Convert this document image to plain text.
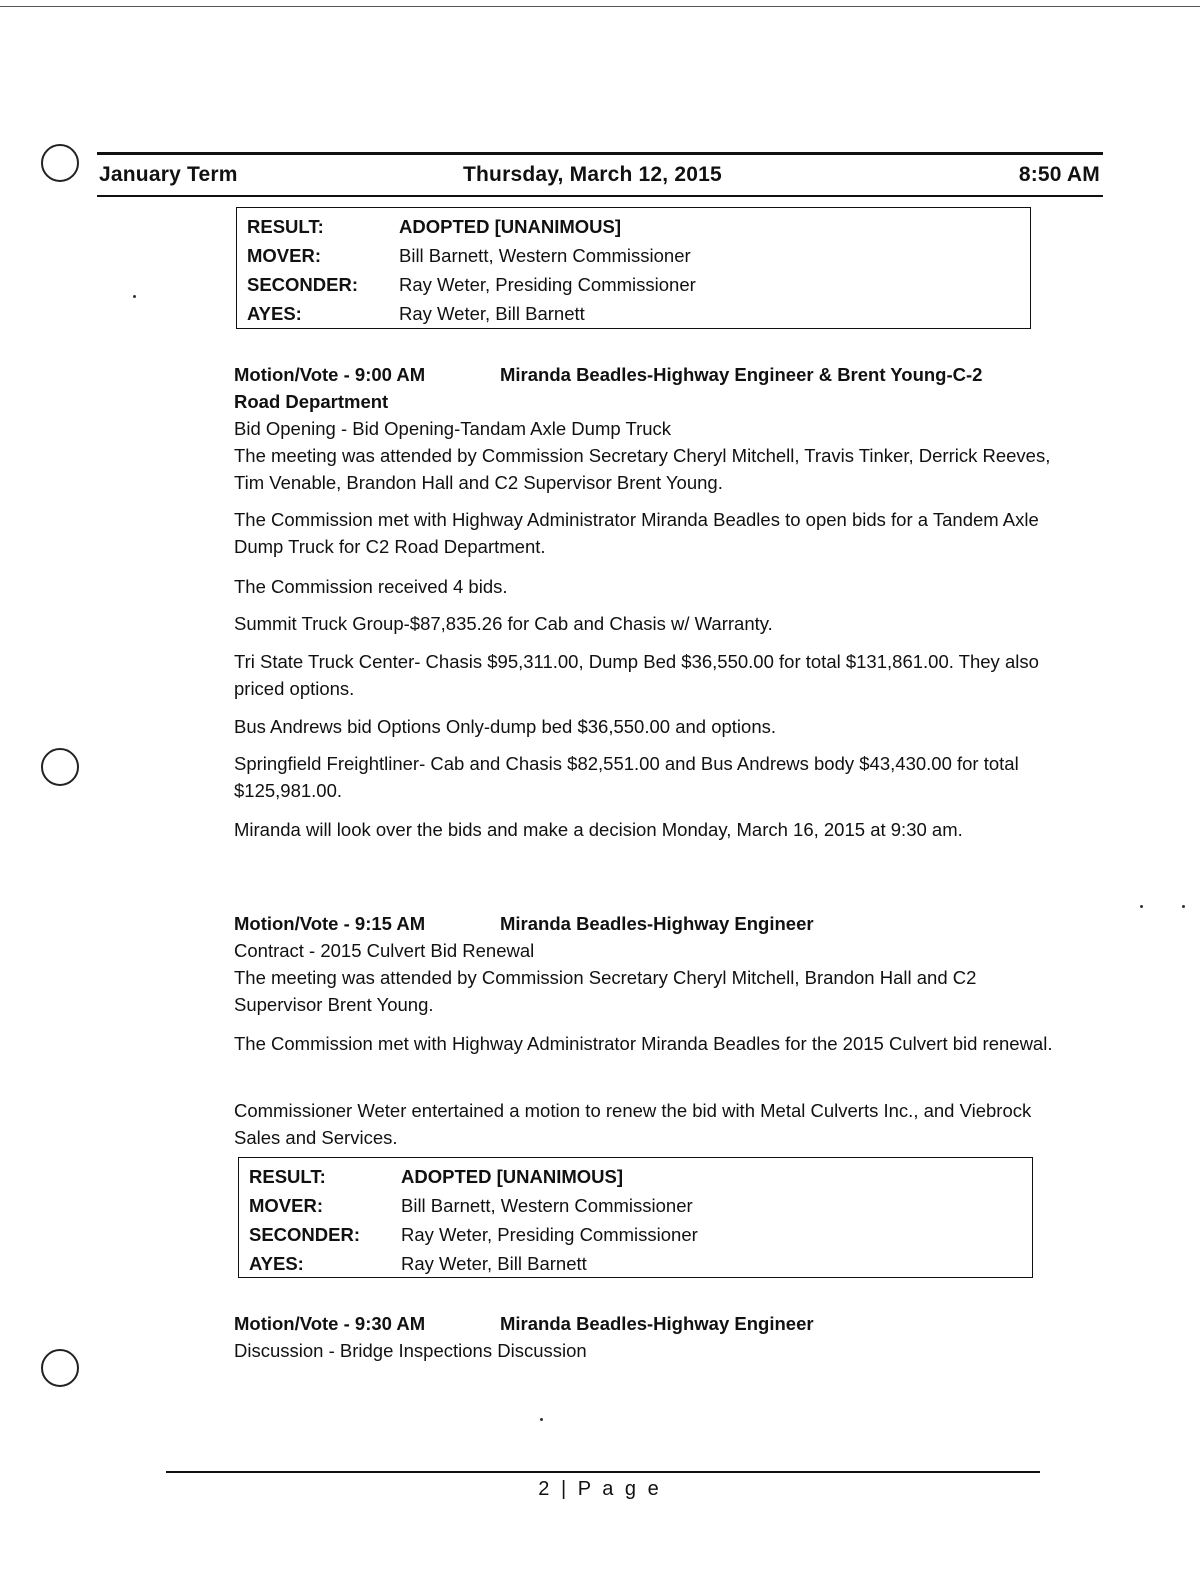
January Term	Thursday, March 12, 2015	8:50 AM
RESULT:	ADOPTED [UNANIMOUS]
MOVER:	Bill Barnett, Western Commissioner
SECONDER:	Ray Weter, Presiding Commissioner
AYES:	Ray Weter, Bill Barnett
Motion/Vote - 9:00 AM	Miranda Beadles-Highway Engineer & Brent Young-C-2
Road Department
Bid Opening - Bid Opening-Tandam Axle Dump Truck
The meeting was attended by Commission Secretary Cheryl Mitchell, Travis Tinker, Derrick Reeves, Tim Venable, Brandon Hall and C2 Supervisor Brent Young.
The Commission met with Highway Administrator Miranda Beadles to open bids for a Tandem Axle Dump Truck for C2 Road Department.
The Commission received 4 bids.
Summit Truck Group-$87,835.26 for Cab and Chasis w/ Warranty.
Tri State Truck Center- Chasis $95,311.00, Dump Bed $36,550.00 for total $131,861.00. They also priced options.
Bus Andrews bid Options Only-dump bed $36,550.00 and options.
Springfield Freightliner- Cab and Chasis $82,551.00 and Bus Andrews body $43,430.00 for total $125,981.00.
Miranda will look over the bids and make a decision Monday, March 16, 2015 at 9:30 am.
Motion/Vote - 9:15 AM	Miranda Beadles-Highway Engineer
Contract - 2015 Culvert Bid Renewal
The meeting was attended by Commission Secretary Cheryl Mitchell, Brandon Hall and C2 Supervisor Brent Young.
The Commission met with Highway Administrator Miranda Beadles for the 2015 Culvert bid renewal.
Commissioner Weter entertained a motion to renew the bid with Metal Culverts Inc., and Viebrock Sales and Services.
RESULT:	ADOPTED [UNANIMOUS]
MOVER:	Bill Barnett, Western Commissioner
SECONDER:	Ray Weter, Presiding Commissioner
AYES:	Ray Weter, Bill Barnett
Motion/Vote - 9:30 AM	Miranda Beadles-Highway Engineer
Discussion - Bridge Inspections Discussion
2 | P a g e
